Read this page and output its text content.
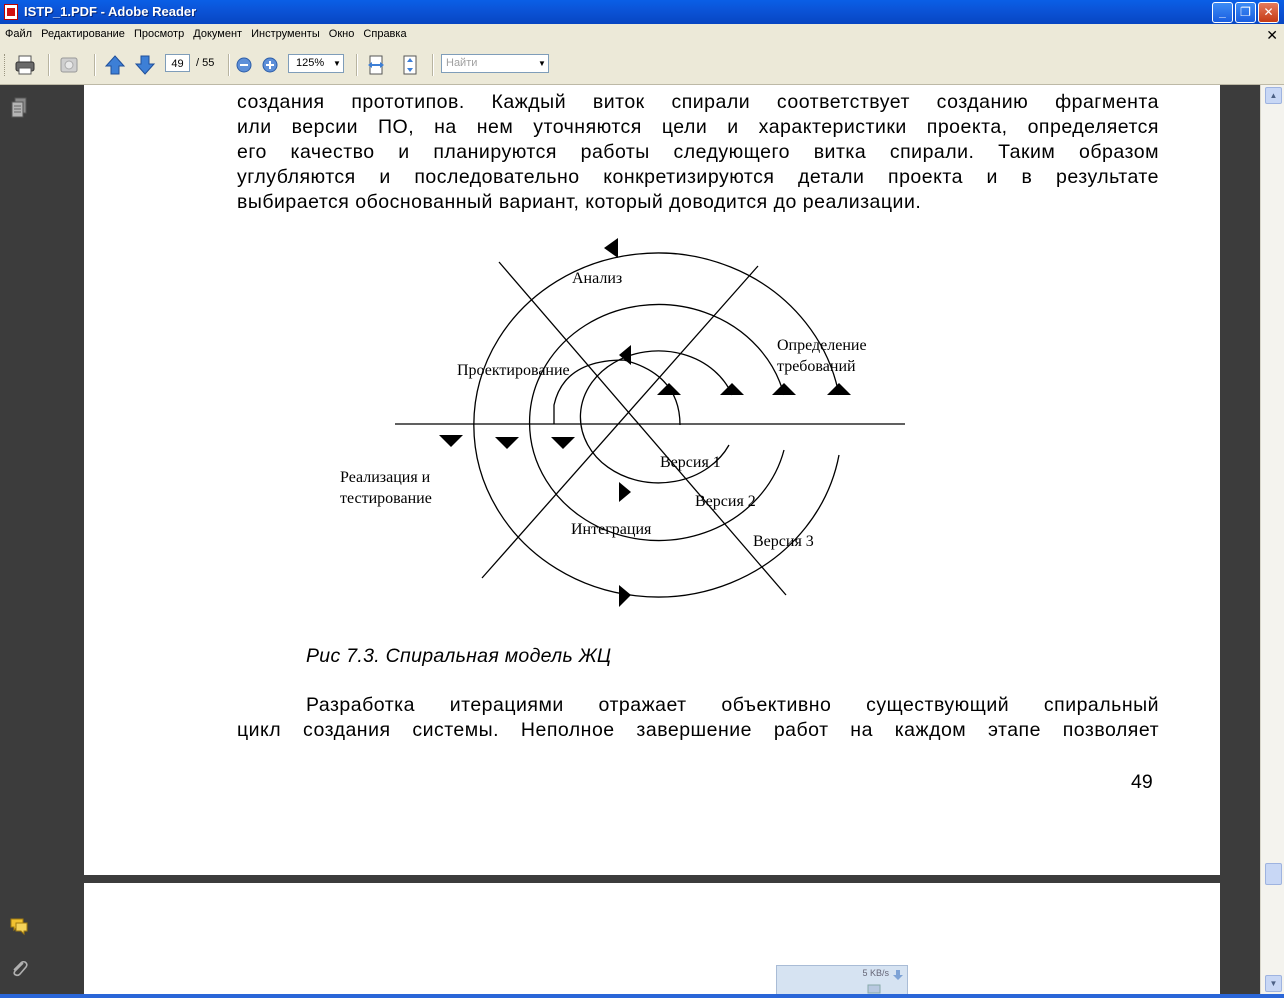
ISTP_1.PDF - Adobe Reader	_	❐	✕
Файл Редактирование Просмотр Документ Инструменты Окно Справка	✕
49	/ 55	125% ▼	Найти	▼
создания прототипов. Каждый виток спирали соответствует созданию фрагмента
или версии ПО, на нем уточняются цели и характеристики проекта, определяется
его качество и планируются работы следующего витка спирали. Таким образом
углубляются и последовательно конкретизируются детали проекта и в результате
выбирается обоснованный вариант, который доводится до реализации.
Анализ
Проектирование
Определение
требований
Реализация и
тестирование
Интеграция
Версия 1
Версия 2
Версия 3
Рис 7.3. Спиральная модель ЖЦ
Разработка итерациями отражает объективно существующий спиральный
цикл создания системы. Неполное завершение работ на каждом этапе позволяет
49
5 KB/s
▲
▼
